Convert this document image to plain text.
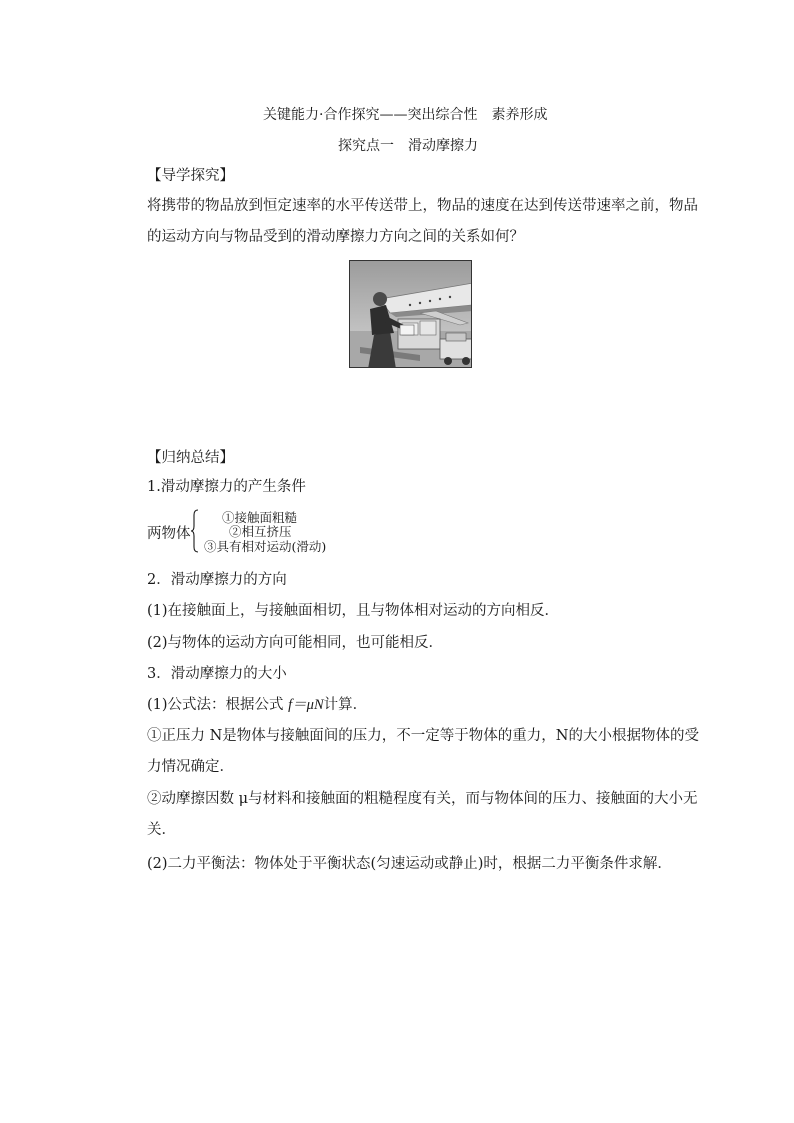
关键能力·合作探究——突出综合性　素养形成
探究点一　滑动摩擦力
【导学探究】
将携带的物品放到恒定速率的水平传送带上，物品的速度在达到传送带速率之前，物品
的运动方向与物品受到的滑动摩擦力方向之间的关系如何？
【归纳总结】
1.滑动摩擦力的产生条件
两物体
①接触面粗糙
②相互挤压
③具有相对运动(滑动)
2．滑动摩擦力的方向
(1)在接触面上，与接触面相切，且与物体相对运动的方向相反．
(2)与物体的运动方向可能相同，也可能相反．
3．滑动摩擦力的大小
(1)公式法：根据公式 f＝μN计算．
①正压力 N是物体与接触面间的压力，不一定等于物体的重力，N的大小根据物体的受
力情况确定．
②动摩擦因数 μ与材料和接触面的粗糙程度有关，而与物体间的压力、接触面的大小无
关．
(2)二力平衡法：物体处于平衡状态(匀速运动或静止)时，根据二力平衡条件求解．
